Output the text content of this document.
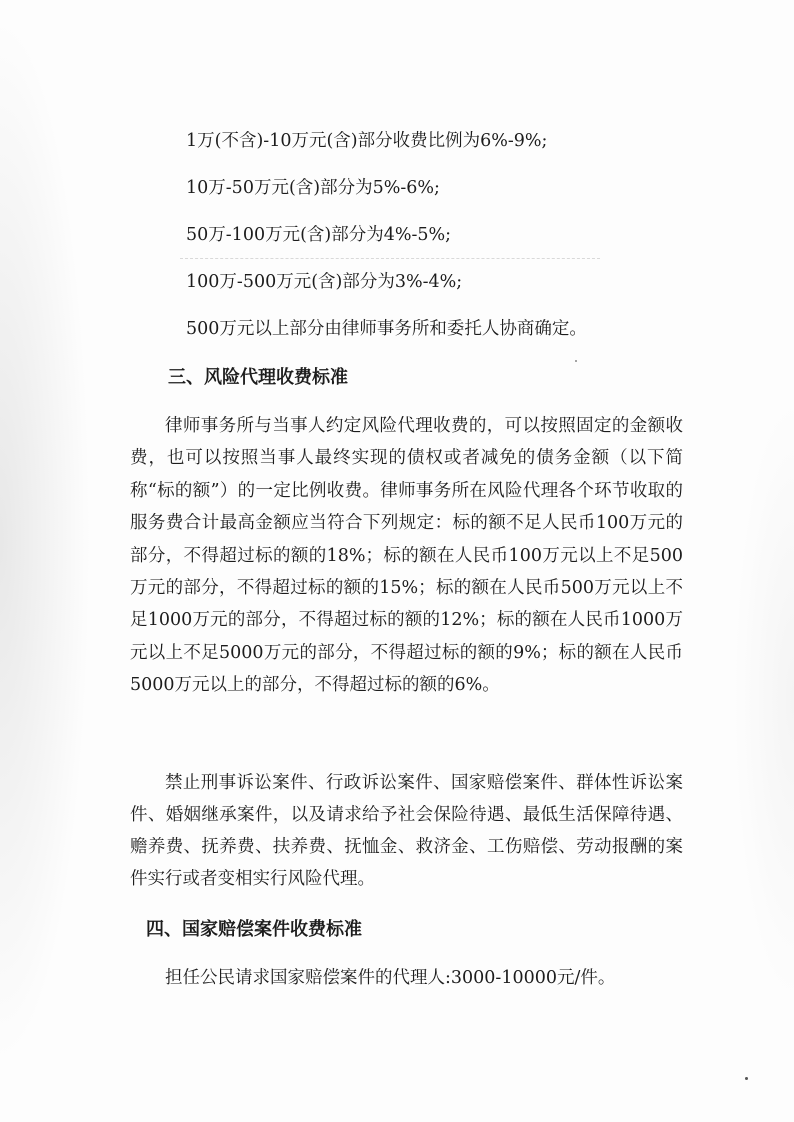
1万(不含)-10万元(含)部分收费比例为6%-9%;
10万-50万元(含)部分为5%-6%;
50万-100万元(含)部分为4%-5%;
100万-500万元(含)部分为3%-4%;
500万元以上部分由律师事务所和委托人协商确定。
三、风险代理收费标准
律师事务所与当事人约定风险代理收费的，可以按照固定的金额收费，也可以按照当事人最终实现的债权或者减免的债务金额（以下简称“标的额”）的一定比例收费。律师事务所在风险代理各个环节收取的服务费合计最高金额应当符合下列规定：标的额不足人民币100万元的部分，不得超过标的额的18%；标的额在人民币100万元以上不足500万元的部分，不得超过标的额的15%；标的额在人民币500万元以上不足1000万元的部分，不得超过标的额的12%；标的额在人民币1000万元以上不足5000万元的部分，不得超过标的额的9%；标的额在人民币5000万元以上的部分，不得超过标的额的6%。
禁止刑事诉讼案件、行政诉讼案件、国家赔偿案件、群体性诉讼案件、婚姻继承案件，以及请求给予社会保险待遇、最低生活保障待遇、赡养费、抚养费、扶养费、抚恤金、救济金、工伤赔偿、劳动报酬的案件实行或者变相实行风险代理。
四、国家赔偿案件收费标准
担任公民请求国家赔偿案件的代理人:3000-10000元/件。
